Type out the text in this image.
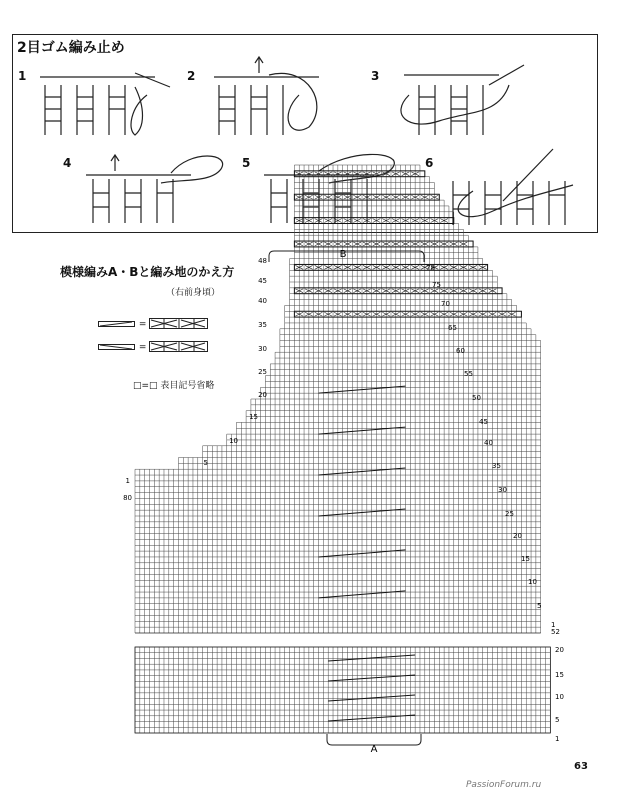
2目ゴム編み止め
1	2	3
4	5	6
模様編みA・Bと編み地のかえ方
（右前身頃）
=
=
□=□ 表目記号省略
48
45
40
35
30
25
20
15
10
5
1
80
78
75
70
65
60
55
50
45
40
35
30
25
20
15
10
5
1
52
20
15
10
5
1
B
A
63
PassionForum.ru
